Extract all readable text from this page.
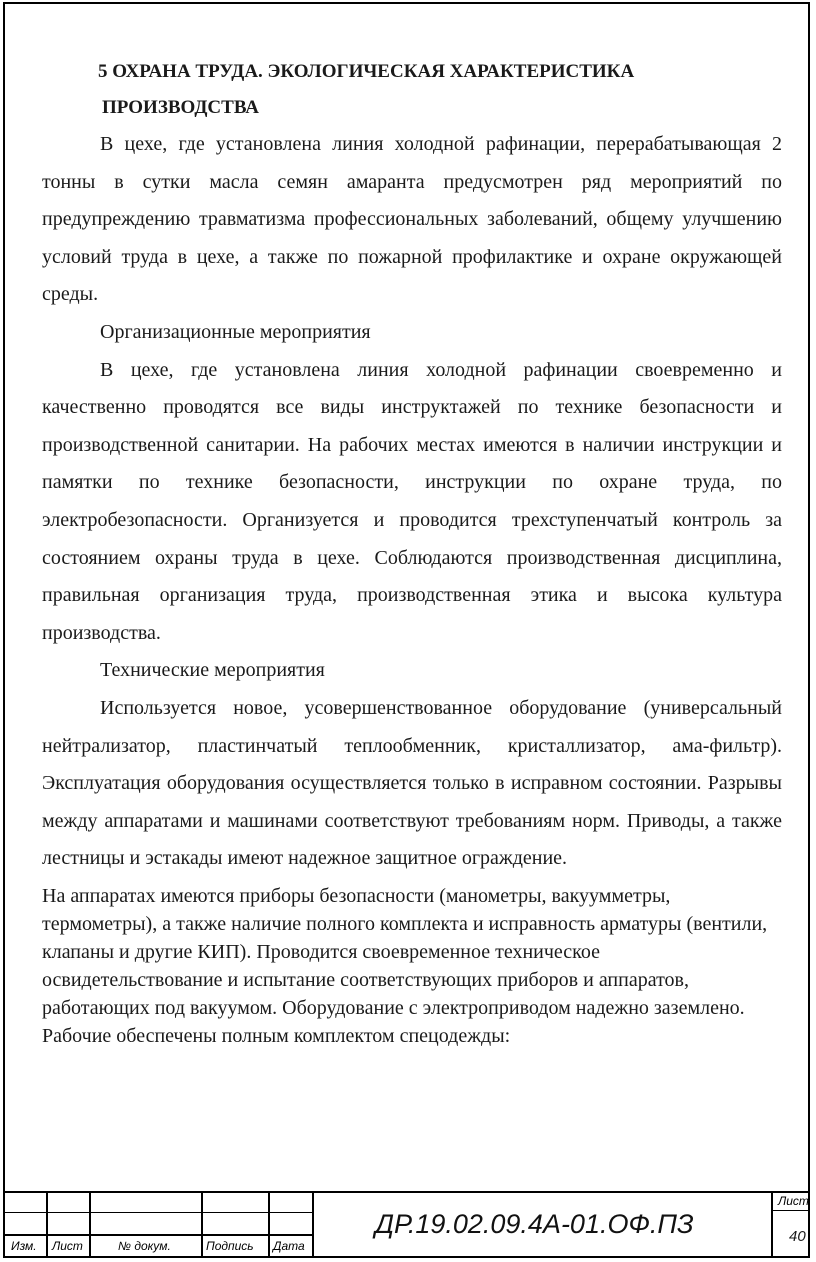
5 ОХРАНА ТРУДА. ЭКОЛОГИЧЕСКАЯ ХАРАКТЕРИСТИКА
ПРОИЗВОДСТВА

В цехе, где установлена линия холодной рафинации, перерабатывающая 2 тонны в сутки масла семян амаранта предусмотрен ряд мероприятий по предупреждению травматизма профессиональных заболеваний, общему улучшению условий труда в цехе, а также по пожарной профилактике и охране окружающей среды.

Организационные мероприятия

В цехе, где установлена линия холодной рафинации своевременно и качественно проводятся все виды инструктажей по технике безопасности и производственной санитарии. На рабочих местах имеются в наличии инструкции и памятки по технике безопасности, инструкции по охране труда, по электробезопасности. Организуется и проводится трехступенчатый контроль за состоянием охраны труда в цехе. Соблюдаются производственная дисциплина, правильная организация труда, производственная этика и высока культура производства.

Технические мероприятия

Используется новое, усовершенствованное оборудование (универсальный нейтрализатор, пластинчатый теплообменник, кристаллизатор, ама-фильтр). Эксплуатация оборудования осуществляется только в исправном состоянии. Разрывы между аппаратами и машинами соответствуют требованиям норм. Приводы, а также лестницы и эстакады имеют надежное защитное ограждение.

На аппаратах имеются приборы безопасности (манометры, вакуумметры, термометры), а также наличие полного комплекта и исправность арматуры (вентили, клапаны и другие КИП). Проводится своевременное техническое освидетельствование и испытание соответствующих приборов и аппаратов, работающих под вакуумом. Оборудование с электроприводом надежно заземлено. Рабочие обеспечены полным комплектом спецодежды:

Изм. Лист	№ докум.	Подпись Дата
ДР.19.02.09.4А-01.ОФ.ПЗ
Лист
40
